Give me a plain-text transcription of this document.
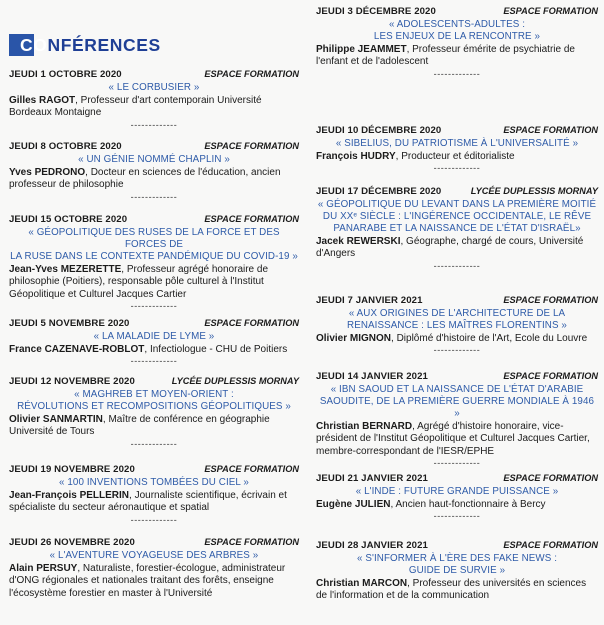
CONFÉRENCES
JEUDI 1 OCTOBRE 2020	ESPACE FORMATION
« LE CORBUSIER »
Gilles RAGOT, Professeur d'art contemporain Université Bordeaux Montaigne
-------------
JEUDI 8 OCTOBRE 2020	ESPACE FORMATION
« UN GÉNIE NOMMÉ CHAPLIN »
Yves PEDRONO, Docteur en sciences de l'éducation, ancien professeur de philosophie
-------------
JEUDI 15 OCTOBRE 2020	ESPACE FORMATION
« GÉOPOLITIQUE DES RUSES DE LA FORCE ET DES FORCES DE
LA RUSE DANS LE CONTEXTE PANDÉMIQUE DU COVID-19 »
Jean-Yves MEZERETTE, Professeur agrégé honoraire de philosophie (Poitiers), responsable pôle culturel à l'Institut Géopolitique et Culturel Jacques Cartier
-------------
JEUDI 5 NOVEMBRE 2020	ESPACE FORMATION
« LA MALADIE DE LYME »
France CAZENAVE-ROBLOT, Infectiologue - CHU de Poitiers
-------------
JEUDI 12 NOVEMBRE 2020	LYCÉE DUPLESSIS MORNAY
« MAGHREB ET MOYEN-ORIENT :
RÉVOLUTIONS ET RECOMPOSITIONS GÉOPOLITIQUES »
Olivier SANMARTIN, Maître de conférence en géographie Université de Tours
-------------
JEUDI 19 NOVEMBRE 2020	ESPACE FORMATION
« 100 INVENTIONS TOMBÉES DU CIEL »
Jean-François PELLERIN, Journaliste scientifique, écrivain et spécialiste du secteur aéronautique et spatial
-------------
JEUDI 26 NOVEMBRE 2020	ESPACE FORMATION
« L'AVENTURE VOYAGEUSE DES ARBRES »
Alain PERSUY, Naturaliste, forestier-écologue, administrateur d'ONG régionales et nationales traitant des forêts, enseigne l'écosystème forestier en master à l'Université
JEUDI 3 DÉCEMBRE 2020	ESPACE FORMATION
« ADOLESCENTS-ADULTES :
LES ENJEUX DE LA RENCONTRE »
Philippe JEAMMET, Professeur émérite de psychiatrie de l'enfant et de l'adolescent
-------------
JEUDI 10 DÉCEMBRE 2020	ESPACE FORMATION
« SIBELIUS, DU PATRIOTISME À L'UNIVERSALITÉ »
François HUDRY, Producteur et éditorialiste
-------------
JEUDI 17 DÉCEMBRE 2020	LYCÉE DUPLESSIS MORNAY
« GÉOPOLITIQUE DU LEVANT DANS LA PREMIÈRE MOITIÉ
DU XXᵉ SIÈCLE : L'INGÉRENCE OCCIDENTALE, LE RÊVE
PANARABE ET LA NAISSANCE DE L'ÉTAT D'ISRAËL»
Jacek REWERSKI, Géographe, chargé de cours, Université d'Angers
-------------
JEUDI 7 JANVIER 2021	ESPACE FORMATION
« AUX ORIGINES DE L'ARCHITECTURE DE LA
RENAISSANCE : LES MAÎTRES FLORENTINS »
Olivier MIGNON, Diplômé d'histoire de l'Art, Ecole du Louvre
-------------
JEUDI 14 JANVIER 2021	ESPACE FORMATION
« IBN SAOUD ET LA NAISSANCE DE L'ÉTAT D'ARABIE
SAOUDITE, DE LA PREMIÈRE GUERRE MONDIALE À 1946 »
Christian BERNARD, Agrégé d'histoire honoraire, vice-président de l'Institut Géopolitique et Culturel Jacques Cartier, membre-correspondant de l'IESR/EPHE
-------------
JEUDI 21 JANVIER 2021	ESPACE FORMATION
« L'INDE : FUTURE GRANDE PUISSANCE »
Eugène JULIEN, Ancien haut-fonctionnaire à Bercy
-------------
JEUDI 28 JANVIER 2021	ESPACE FORMATION
« S'INFORMER À L'ÈRE DES FAKE NEWS :
GUIDE DE SURVIE »
Christian MARCON, Professeur des universités en sciences de l'information et de la communication
